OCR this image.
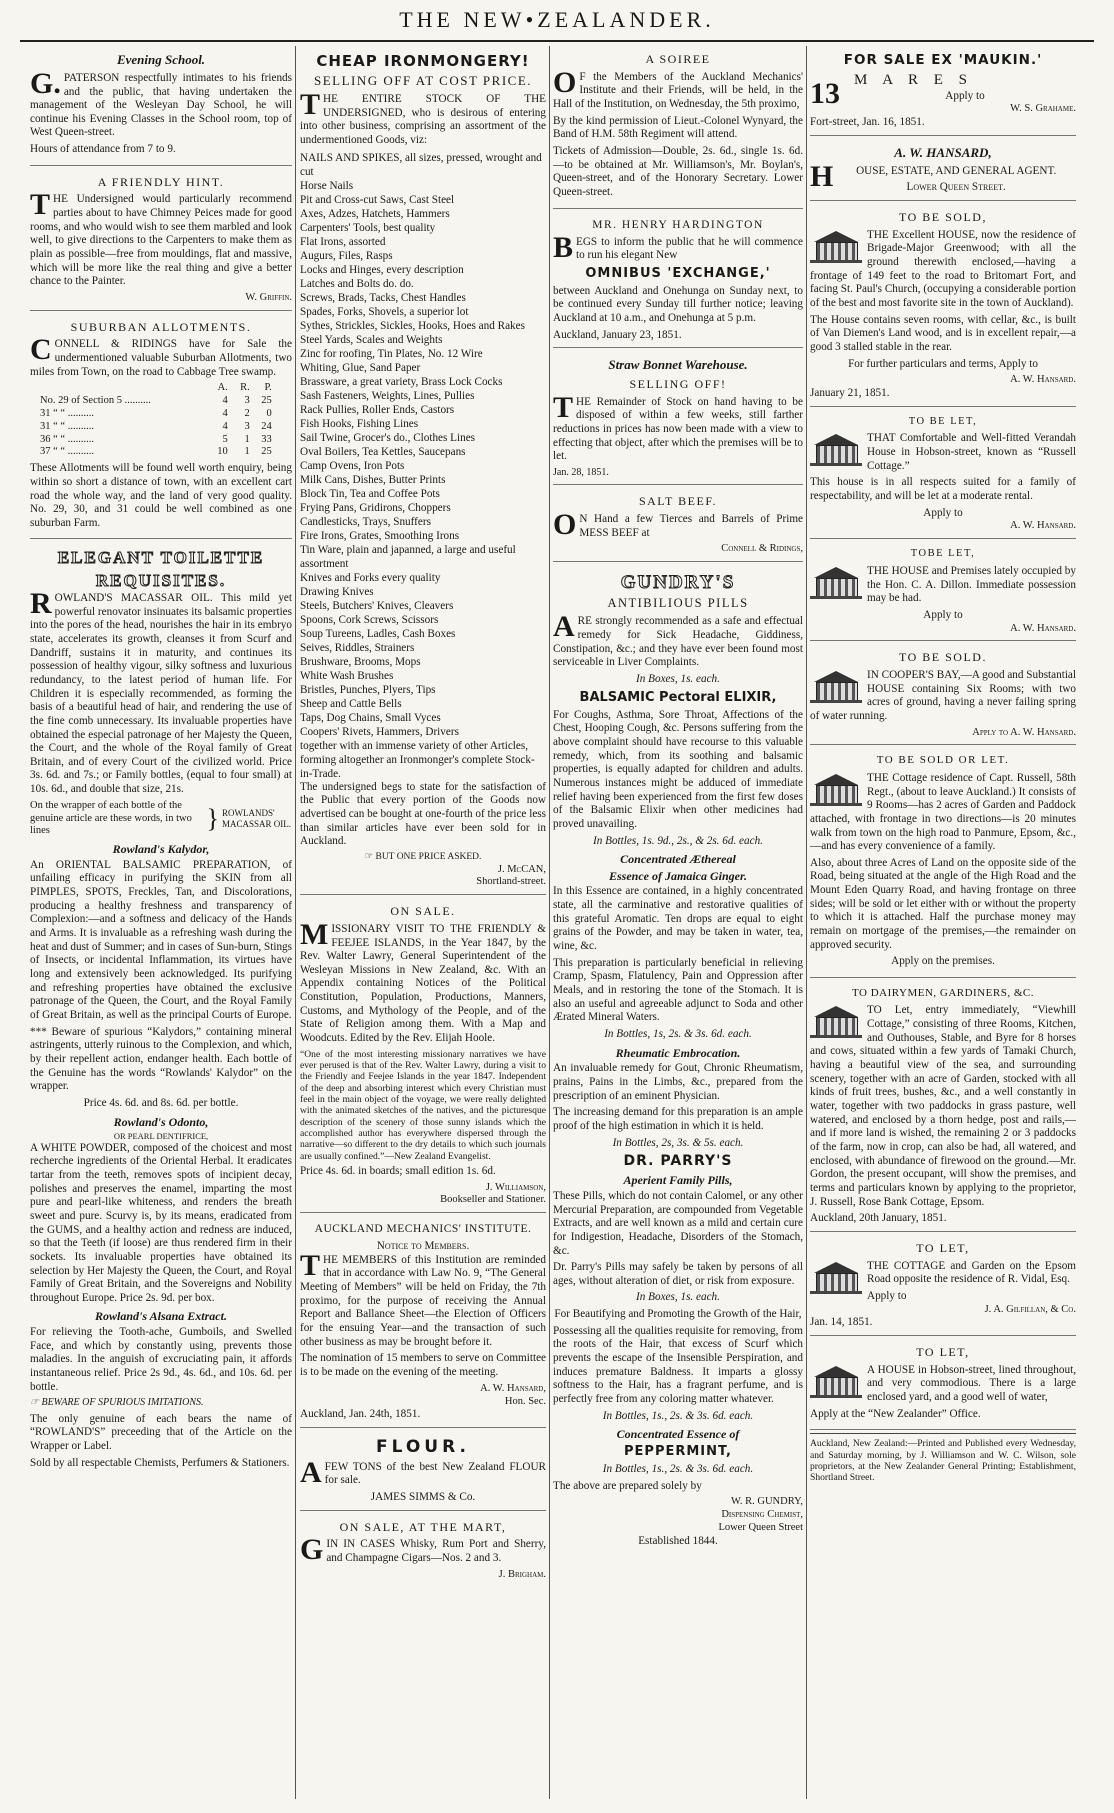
THE NEW•ZEALANDER.
Evening School.

G.PATERSON respectfully intimates to his friends and the public, that having undertaken the management of the Wesleyan Day School, he will continue his Evening Classes in the School room, top of West Queen-street.

Hours of attendance from 7 to 9.

A FRIENDLY HINT.

THE Undersigned would particularly recommend parties about to have Chimney Peices made for good rooms, and who would wish to see them marbled and look well, to give directions to the Carpenters to make them as plain as possible—free from mouldings, flat and massive, which will be more like the real thing and give a better chance to the Painter.

W. Griffin.
SUBURBAN ALLOTMENTS.

CONNELL & RIDINGS have for Sale the undermentioned valuable Suburban Allotments, two miles from Town, on the road to Cabbage Tree swamp.

	A.	R.	P.
No. 29 of Section 5 ..........	4	3	25
31 “ “ ..........	4	2	0
31 “ “ ..........	4	3	24
36 “ “ ..........	5	1	33
37 “ “ ..........	10	1	25

These Allotments will be found well worth enquiry, being within so short a distance of town, with an excellent cart road the whole way, and the land of very good quality. No. 29, 30, and 31 could be well combined as one suburban Farm.

ELEGANT TOILETTE
REQUISITES.

ROWLAND'S MACASSAR OIL. This mild yet powerful renovator insinuates its balsamic properties into the pores of the head, nourishes the hair in its embryo state, accelerates its growth, cleanses it from Scurf and Dandriff, sustains it in maturity, and continues its possession of healthy vigour, silky softness and luxurious redundancy, to the latest period of human life. For Children it is especially recommended, as forming the basis of a beautiful head of hair, and rendering the use of the fine comb unnecessary. Its invaluable properties have obtained the especial patronage of her Majesty the Queen, the Court, and the whole of the Royal family of Great Britain, and of every Court of the civilized world. Price 3s. 6d. and 7s.; or Family bottles, (equal to four small) at 10s. 6d., and double that size, 21s.

On the wrapper of each bottle of the genuine article are these words, in two lines	} ROWLANDS' MACASSAR OIL.
Rowland's Kalydor,

An ORIENTAL BALSAMIC PREPARATION, of unfailing efficacy in purifying the SKIN from all PIMPLES, SPOTS, Freckles, Tan, and Discolorations, producing a healthy freshness and transparency of Complexion:—and a softness and delicacy of the Hands and Arms. It is invaluable as a refreshing wash during the heat and dust of Summer; and in cases of Sun-burn, Stings of Insects, or incidental Inflammation, its virtues have long and extensively been acknowledged. Its purifying and refreshing properties have obtained the exclusive patronage of the Queen, the Court, and the Royal Family of Great Britain, as well as the principal Courts of Europe.

*** Beware of spurious “Kalydors,” containing mineral astringents, utterly ruinous to the Complexion, and which, by their repellent action, endanger health. Each bottle of the Genuine has the words “Rowlands' Kalydor” on the wrapper.

Price 4s. 6d. and 8s. 6d. per bottle.

Rowland's Odonto,
OR PEARL DENTIFRICE,

A WHITE POWDER, composed of the choicest and most recherche ingredients of the Oriental Herbal. It eradicates tartar from the teeth, removes spots of incipient decay, polishes and preserves the enamel, imparting the most pure and pearl-like whiteness, and renders the breath sweet and pure. Scurvy is, by its means, eradicated from the GUMS, and a healthy action and redness are induced, so that the Teeth (if loose) are thus rendered firm in their sockets. Its invaluable properties have obtained its selection by Her Majesty the Queen, the Court, and Royal Family of Great Britain, and the Sovereigns and Nobility throughout Europe. Price 2s. 9d. per box.

Rowland's Alsana Extract.

For relieving the Tooth-ache, Gumboils, and Swelled Face, and which by constantly using, prevents those maladies. In the anguish of excruciating pain, it affords instantaneous relief. Price 2s 9d., 4s. 6d., and 10s. 6d. per bottle.

☞ BEWARE OF SPURIOUS IMITATIONS.

The only genuine of each bears the name of “ROWLAND'S” preceeding that of the Article on the Wrapper or Label.

Sold by all respectable Chemists, Perfumers & Stationers.

CHEAP IRONMONGERY!
SELLING OFF AT COST PRICE.

THE ENTIRE STOCK OF THE UNDERSIGNED, who is desirous of entering into other business, comprising an assortment of the undermentioned Goods, viz:

NAILS AND SPIKES, all sizes, pressed, wrought and cut
Horse Nails
Pit and Cross-cut Saws, Cast Steel
Axes, Adzes, Hatchets, Hammers
Carpenters' Tools, best quality
Flat Irons, assorted
Augurs, Files, Rasps
Locks and Hinges, every description
Latches and Bolts do. do.
Screws, Brads, Tacks, Chest Handles
Spades, Forks, Shovels, a superior lot
Sythes, Strickles, Sickles, Hooks, Hoes and Rakes
Steel Yards, Scales and Weights
Zinc for roofing, Tin Plates, No. 12 Wire
Whiting, Glue, Sand Paper
Brassware, a great variety, Brass Lock Cocks
Sash Fasteners, Weights, Lines, Pullies
Rack Pullies, Roller Ends, Castors
Fish Hooks, Fishing Lines
Sail Twine, Grocer's do., Clothes Lines
Oval Boilers, Tea Kettles, Saucepans
Camp Ovens, Iron Pots
Milk Cans, Dishes, Butter Prints
Block Tin, Tea and Coffee Pots
Frying Pans, Gridirons, Choppers
Candlesticks, Trays, Snuffers
Fire Irons, Grates, Smoothing Irons
Tin Ware, plain and japanned, a large and useful assortment
Knives and Forks every quality
Drawing Knives
Steels, Butchers' Knives, Cleavers
Spoons, Cork Screws, Scissors
Soup Tureens, Ladles, Cash Boxes
Seives, Riddles, Strainers
Brushware, Brooms, Mops
White Wash Brushes
Bristles, Punches, Plyers, Tips
Sheep and Cattle Bells
Taps, Dog Chains, Small Vyces
Coopers' Rivets, Hammers, Drivers
together with an immense variety of other Articles, forming altogether an Ironmonger's complete Stock-in-Trade.

The undersigned begs to state for the satisfaction of the Public that every portion of the Goods now advertised can be bought at one-fourth of the price less than similar articles have ever been sold for in Auckland.

☞ BUT ONE PRICE ASKED.
J. McCAN,
Shortland-street.
ON SALE.

MISSIONARY VISIT TO THE FRIENDLY & FEEJEE ISLANDS, in the Year 1847, by the Rev. Walter Lawry, General Superintendent of the Wesleyan Missions in New Zealand, &c. With an Appendix containing Notices of the Political Constitution, Population, Productions, Manners, Customs, and Mythology of the People, and of the State of Religion among them. With a Map and Woodcuts. Edited by the Rev. Elijah Hoole.

“One of the most interesting missionary narratives we have ever perused is that of the Rev. Walter Lawry, during a visit to the Friendly and Feejee Islands in the year 1847. Independent of the deep and absorbing interest which every Christian must feel in the main object of the voyage, we were really delighted with the animated sketches of the natives, and the picturesque description of the scenery of those sunny islands which the accomplished author has everywhere dispersed through the narrative—so different to the dry details to which such journals are usually confined.”—New Zealand Evangelist.

Price 4s. 6d. in boards; small edition 1s. 6d.

J. Williamson,
Bookseller and Stationer.
AUCKLAND MECHANICS' INSTITUTE.
Notice to Members.

THE MEMBERS of this Institution are reminded that in accordance with Law No. 9, “The General Meeting of Members” will be held on Friday, the 7th proximo, for the purpose of receiving the Annual Report and Ballance Sheet—the Election of Officers for the ensuing Year—and the transaction of such other business as may be brought before it.

The nomination of 15 members to serve on Committee is to be made on the evening of the meeting.

A. W. Hansard,
Hon. Sec.

Auckland, Jan. 24th, 1851.

FLOUR.

AFEW TONS of the best New Zealand FLOUR for sale.

JAMES SIMMS & Co.
ON SALE, AT THE MART,

GIN IN CASES Whisky, Rum Port and Sherry, and Champagne Cigars—Nos. 2 and 3.

J. Brigham.
A SOIREE

OF the Members of the Auckland Mechanics' Institute and their Friends, will be held, in the Hall of the Institution, on Wednesday, the 5th proximo,

By the kind permission of Lieut.-Colonel Wynyard, the Band of H.M. 58th Regiment will attend.

Tickets of Admission—Double, 2s. 6d., single 1s. 6d.—to be obtained at Mr. Williamson's, Mr. Boylan's, Queen-street, and of the Honorary Secretary. Lower Queen-street.

MR. HENRY HARDINGTON

BEGS to inform the public that he will commence to run his elegant New

OMNIBUS 'EXCHANGE,'

between Auckland and Onehunga on Sunday next, to be continued every Sunday till further notice; leaving Auckland at 10 a.m., and Onehunga at 5 p.m.

Auckland, January 23, 1851.

Straw Bonnet Warehouse.
SELLING OFF!

THE Remainder of Stock on hand having to be disposed of within a few weeks, still farther reductions in prices has now been made with a view to effecting that object, after which the premises will be to let.

Jan. 28, 1851.

SALT BEEF.

ON Hand a few Tierces and Barrels of Prime MESS BEEF at

Connell & Ridings,
GUNDRY'S
ANTIBILIOUS PILLS

ARE strongly recommended as a safe and effectual remedy for Sick Headache, Giddiness, Constipation, &c.; and they have ever been found most serviceable in Liver Complaints.

In Boxes, 1s. each.

BALSAMIC Pectoral ELIXIR,

For Coughs, Asthma, Sore Throat, Affections of the Chest, Hooping Cough, &c. Persons suffering from the above complaint should have recourse to this valuable remedy, which, from its soothing and balsamic properties, is equally adapted for children and adults. Numerous instances might be adduced of immediate relief having been experienced from the first few doses of the Balsamic Elixir when other medicines had proved unavailing.

In Bottles, 1s. 9d., 2s., & 2s. 6d. each.

Concentrated Æthereal
Essence of Jamaica Ginger.

In this Essence are contained, in a highly concentrated state, all the carminative and restorative qualities of this grateful Aromatic. Ten drops are equal to eight grains of the Powder, and may be taken in water, tea, wine, &c.

This preparation is particularly beneficial in relieving Cramp, Spasm, Flatulency, Pain and Oppression after Meals, and in restoring the tone of the Stomach. It is also an useful and agreeable adjunct to Soda and other Ærated Mineral Waters.

In Bottles, 1s, 2s. & 3s. 6d. each.

Rheumatic Embrocation.

An invaluable remedy for Gout, Chronic Rheumatism, prains, Pains in the Limbs, &c., prepared from the prescription of an eminent Physician.

The increasing demand for this preparation is an ample proof of the high estimation in which it is held.

In Bottles, 2s, 3s. & 5s. each.

DR. PARRY'S
Aperient Family Pills,

These Pills, which do not contain Calomel, or any other Mercurial Preparation, are compounded from Vegetable Extracts, and are well known as a mild and certain cure for Indigestion, Headache, Disorders of the Stomach, &c.

Dr. Parry's Pills may safely be taken by persons of all ages, without alteration of diet, or risk from exposure.

In Boxes, 1s. each.

For Beautifying and Promoting the Growth of the Hair,

Possessing all the qualities requisite for removing, from the roots of the Hair, that excess of Scurf which prevents the escape of the Insensible Perspiration, and induces premature Baldness. It imparts a glossy softness to the Hair, has a fragrant perfume, and is perfectly free from any coloring matter whatever.

In Bottles, 1s., 2s. & 3s. 6d. each.

Concentrated Essence of
PEPPERMINT,

In Bottles, 1s., 2s. & 3s. 6d. each.

The above are prepared solely by

W. R. GUNDRY,
Dispensing Chemist,
Lower Queen Street

Established 1844.

FOR SALE EX 'MAUKIN.'
13 M A R E S
Apply to
W. S. Grahame.

Fort-street, Jan. 16, 1851.

A. W. HANSARD,

HOUSE, ESTATE, AND GENERAL AGENT.

Lower Queen Street.
TO BE SOLD,

THE Excellent HOUSE, now the residence of Brigade-Major Greenwood; with all the ground therewith enclosed,—having a frontage of 149 feet to the road to Britomart Fort, and facing St. Paul's Church, (occupying a considerable portion of the best and most favorite site in the town of Auckland).

The House contains seven rooms, with cellar, &c., is built of Van Diemen's Land wood, and is in excellent repair,—a good 3 stalled stable in the rear.

For further particulars and terms, Apply to

A. W. Hansard.

January 21, 1851.

TO BE LET,

THAT Comfortable and Well-fitted Verandah House in Hobson-street, known as “Russell Cottage.”

This house is in all respects suited for a family of respectability, and will be let at a moderate rental.

Apply to
A. W. Hansard.
TOBE LET,

THE HOUSE and Premises lately occupied by the Hon. C. A. Dillon. Immediate possession may be had.

Apply to
A. W. Hansard.
TO BE SOLD.

IN COOPER'S BAY,—A good and Substantial HOUSE containing Six Rooms; with two acres of ground, having a never failing spring of water running.

Apply to A. W. Hansard.
TO BE SOLD OR LET.

THE Cottage residence of Capt. Russell, 58th Regt., (about to leave Auckland.) It consists of 9 Rooms—has 2 acres of Garden and Paddock attached, with frontage in two directions—is 20 minutes walk from town on the high road to Panmure, Epsom, &c.,—and has every convenience of a family.

Also, about three Acres of Land on the opposite side of the Road, being situated at the angle of the High Road and the Mount Eden Quarry Road, and having frontage on three sides; will be sold or let either with or without the property to which it is attached. Half the purchase money may remain on mortgage of the premises,—the remainder on approved security.

Apply on the premises.

TO DAIRYMEN, GARDINERS, &C.

TO Let, entry immediately, “Viewhill Cottage,” consisting of three Rooms, Kitchen, and Outhouses, Stable, and Byre for 8 horses and cows, situated within a few yards of Tamaki Church, having a beautiful view of the sea, and surrounding scenery, together with an acre of Garden, stocked with all kinds of fruit trees, bushes, &c., and a well constantly in water, together with two paddocks in grass pasture, well watered, and enclosed by a thorn hedge, post and rails,—and if more land is wished, the remaining 2 or 3 paddocks of the farm, now in crop, can also be had, all watered, and enclosed, with abundance of firewood on the ground.—Mr. Gordon, the present occupant, will show the premises, and terms and particulars known by applying to the proprietor, J. Russell, Rose Bank Cottage, Epsom.

Auckland, 20th January, 1851.

TO LET,

THE COTTAGE and Garden on the Epsom Road opposite the residence of R. Vidal, Esq.

Apply to
J. A. Gilfillan, & Co.

Jan. 14, 1851.

TO LET,

A HOUSE in Hobson-street, lined throughout, and very commodious. There is a large enclosed yard, and a good well of water,

Apply at the “New Zealander” Office.

Auckland, New Zealand:—Printed and Published every Wednesday, and Saturday morning, by J. Williamson and W. C. Wilson, sole proprietors, at the New Zealander General Printing; Establishment, Shortland Street.
